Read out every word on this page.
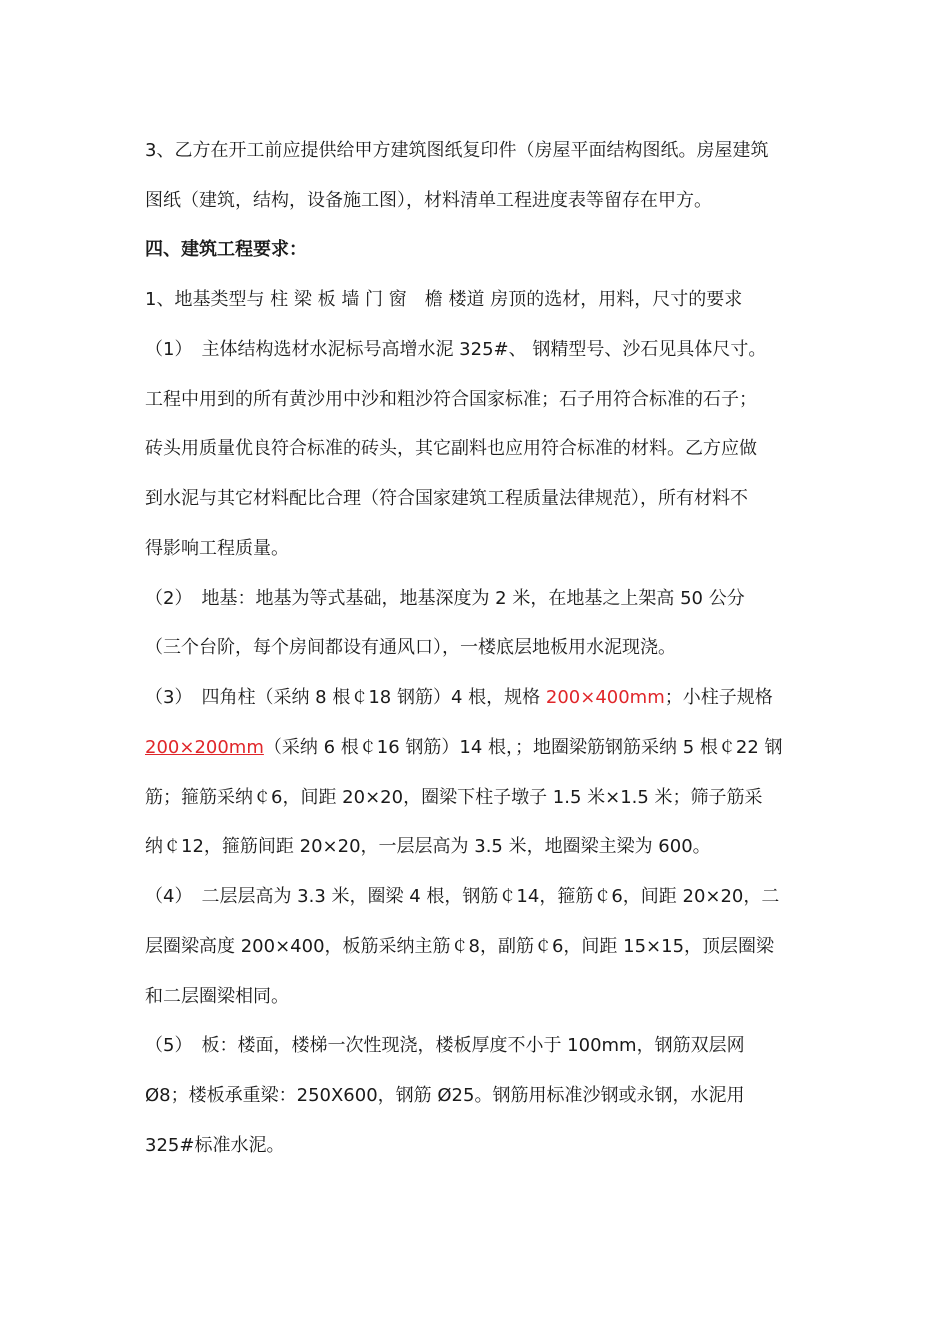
3、乙方在开工前应提供给甲方建筑图纸复印件（房屋平面结构图纸。房屋建筑
图纸（建筑，结构，设备施工图），材料清单工程进度表等留存在甲方。
四、建筑工程要求：
1、地基类型与 柱 梁 板 墙 门 窗　檐 楼道 房顶的选材，用料，尺寸的要求
（1）　主体结构选材水泥标号高增水泥 325#、 钢精型号、沙石见具体尺寸。
工程中用到的所有黄沙用中沙和粗沙符合国家标准；石子用符合标准的石子；
砖头用质量优良符合标准的砖头，其它副料也应用符合标准的材料。乙方应做
到水泥与其它材料配比合理（符合国家建筑工程质量法律规范），所有材料不
得影响工程质量。
（2）　地基：地基为等式基础，地基深度为 2 米，在地基之上架高 50 公分
（三个台阶，每个房间都设有通风口），一楼底层地板用水泥现浇。
（3）　四角柱（采纳 8 根￠18 钢筋）4 根，规格 200×400mm；小柱子规格
200×200mm（采纳 6 根￠16 钢筋）14 根，；地圈梁筋钢筋采纳 5 根￠22 钢
筋；箍筋采纳￠6，间距 20×20，圈梁下柱子墩子 1.5 米×1.5 米；筛子筋采
纳￠12，箍筋间距 20×20，一层层高为 3.5 米，地圈梁主梁为 600。
（4）　二层层高为 3.3 米，圈梁 4 根，钢筋￠14，箍筋￠6，间距 20×20，二
层圈梁高度 200×400，板筋采纳主筋￠8，副筋￠6，间距 15×15，顶层圈梁
和二层圈梁相同。
（5）　板：楼面，楼梯一次性现浇，楼板厚度不小于 100mm，钢筋双层网
Ø8；楼板承重梁：250X600，钢筋 Ø25。钢筋用标准沙钢或永钢，水泥用
325#标准水泥。
